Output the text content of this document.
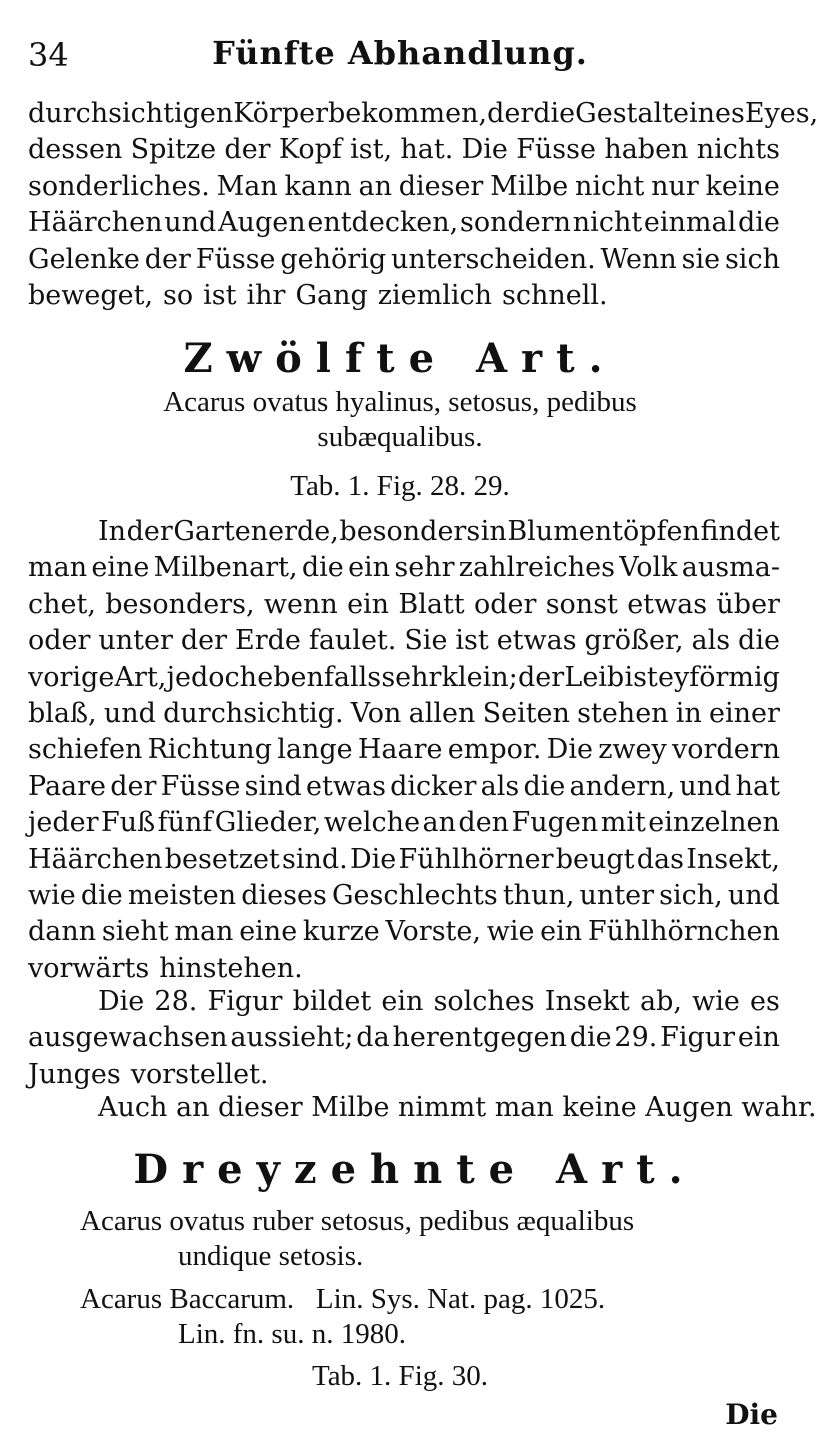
34	Fünfte Abhandlung.
durchsichtigen Körper bekommen, der die Gestalt eines Eyes,
dessen Spitze der Kopf ist, hat. Die Füsse haben nichts
sonderliches. Man kann an dieser Milbe nicht nur keine
Häärchen und Augen entdecken, sondern nicht einmal die
Gelenke der Füsse gehörig unterscheiden. Wenn sie sich
beweget, so ist ihr Gang ziemlich schnell.
Zwölfte Art.
Acarus ovatus hyalinus, setosus, pedibus
subæqualibus.
Tab. 1. Fig. 28. 29.
In der Gartenerde, besonders in Blumentöpfen findet
man eine Milbenart, die ein sehr zahlreiches Volk ausma-
chet, besonders, wenn ein Blatt oder sonst etwas über
oder unter der Erde faulet. Sie ist etwas größer, als die
vorige Art, jedoch ebenfalls sehr klein; der Leib ist eyförmig
blaß, und durchsichtig. Von allen Seiten stehen in einer
schiefen Richtung lange Haare empor. Die zwey vordern
Paare der Füsse sind etwas dicker als die andern, und hat
jeder Fuß fünf Glieder, welche an den Fugen mit einzelnen
Häärchen besetzet sind. Die Fühlhörner beugt das Insekt,
wie die meisten dieses Geschlechts thun, unter sich, und
dann sieht man eine kurze Vorste, wie ein Fühlhörnchen
vorwärts hinstehen.
Die 28. Figur bildet ein solches Insekt ab, wie es
ausgewachsen aussieht; da herentgegen die 29. Figur ein
Junges vorstellet.
Auch an dieser Milbe nimmt man keine Augen wahr.
Dreyzehnte Art.
Acarus ovatus ruber setosus, pedibus æqualibus
undique setosis.
Acarus Baccarum.   Lin. Sys. Nat. pag. 1025.
Lin. fn. su. n. 1980.
Tab. 1. Fig. 30.
Die
